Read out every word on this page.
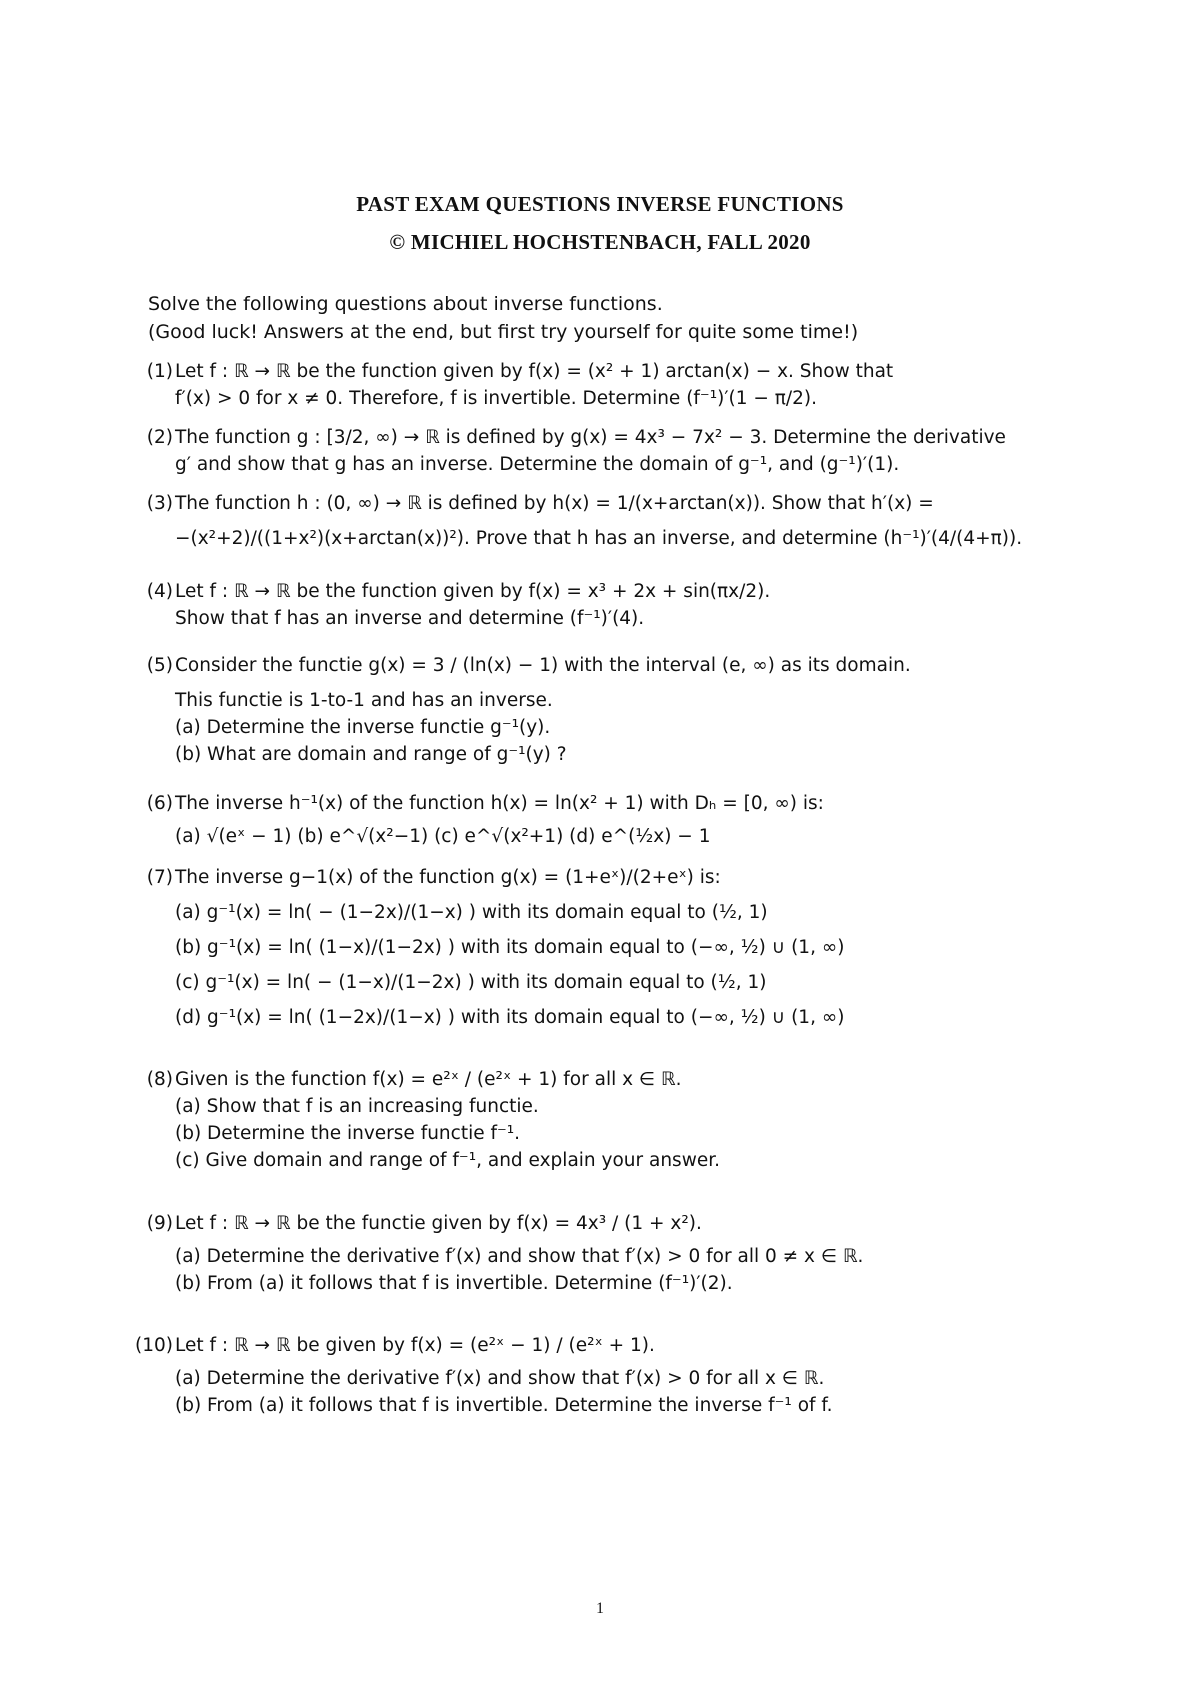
PAST EXAM QUESTIONS INVERSE FUNCTIONS
© MICHIEL HOCHSTENBACH, FALL 2020
Solve the following questions about inverse functions.
(Good luck! Answers at the end, but first try yourself for quite some time!)
(1) Let f : ℝ → ℝ be the function given by f(x) = (x² + 1) arctan(x) − x. Show that
f′(x) > 0 for x ≠ 0. Therefore, f is invertible. Determine (f⁻¹)′(1 − π/2).
(2) The function g : [3/2, ∞) → ℝ is defined by g(x) = 4x³ − 7x² − 3. Determine the derivative
g′ and show that g has an inverse. Determine the domain of g⁻¹, and (g⁻¹)′(1).
(3) The function h : (0, ∞) → ℝ is defined by h(x) = 1/(x+arctan(x)). Show that h′(x) =
−(x²+2)/((1+x²)(x+arctan(x))²). Prove that h has an inverse, and determine (h⁻¹)′(4/(4+π)).
(4) Let f : ℝ → ℝ be the function given by f(x) = x³ + 2x + sin(πx/2).
Show that f has an inverse and determine (f⁻¹)′(4).
(5) Consider the functie g(x) = 3 / (ln(x) − 1) with the interval (e, ∞) as its domain.
This functie is 1-to-1 and has an inverse.
(a) Determine the inverse functie g⁻¹(y).
(b) What are domain and range of g⁻¹(y) ?
(6) The inverse h⁻¹(x) of the function h(x) = ln(x² + 1) with Dₕ = [0, ∞) is:
(a) √(eˣ − 1) (b) e^√(x²−1) (c) e^√(x²+1) (d) e^(½x) − 1
(7) The inverse g−1(x) of the function g(x) = (1+eˣ)/(2+eˣ) is:
(a) g⁻¹(x) = ln( − (1−2x)/(1−x) ) with its domain equal to (½, 1)
(b) g⁻¹(x) = ln( (1−x)/(1−2x) ) with its domain equal to (−∞, ½) ∪ (1, ∞)
(c) g⁻¹(x) = ln( − (1−x)/(1−2x) ) with its domain equal to (½, 1)
(d) g⁻¹(x) = ln( (1−2x)/(1−x) ) with its domain equal to (−∞, ½) ∪ (1, ∞)
(8) Given is the function f(x) = e²ˣ / (e²ˣ + 1) for all x ∈ ℝ.
(a) Show that f is an increasing functie.
(b) Determine the inverse functie f⁻¹.
(c) Give domain and range of f⁻¹, and explain your answer.
(9) Let f : ℝ → ℝ be the functie given by f(x) = 4x³ / (1 + x²).
(a) Determine the derivative f′(x) and show that f′(x) > 0 for all 0 ≠ x ∈ ℝ.
(b) From (a) it follows that f is invertible. Determine (f⁻¹)′(2).
(10) Let f : ℝ → ℝ be given by f(x) = (e²ˣ − 1) / (e²ˣ + 1).
(a) Determine the derivative f′(x) and show that f′(x) > 0 for all x ∈ ℝ.
(b) From (a) it follows that f is invertible. Determine the inverse f⁻¹ of f.
1
